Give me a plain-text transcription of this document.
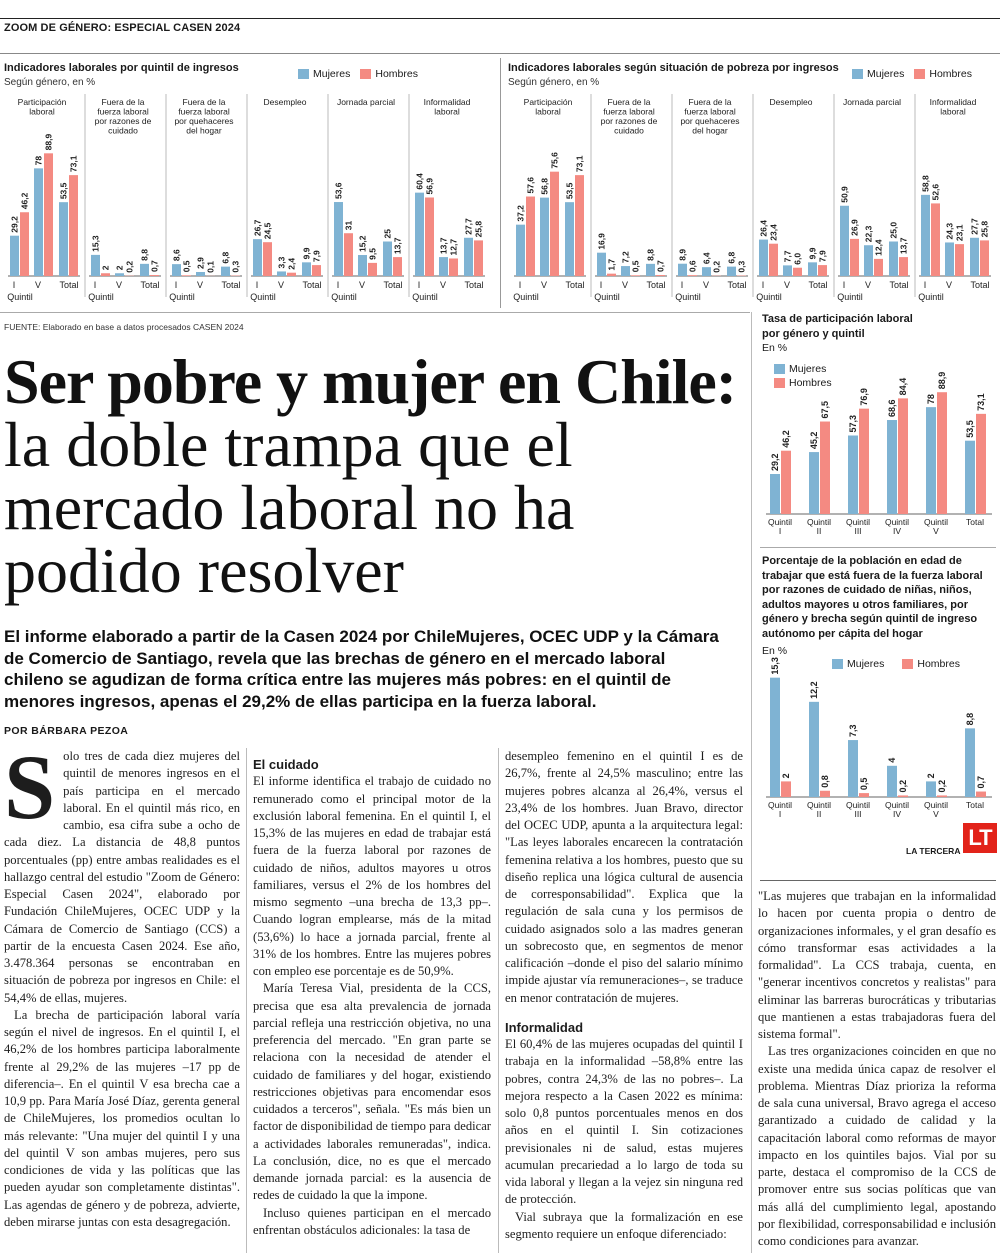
ZOOM DE GÉNERO: ESPECIAL CASEN 2024
Indicadores laborales por quintil de ingresos
Según género, en %
Mujeres Hombres	Indicadores laborales según situación de pobreza por ingresos
Según género, en %
Mujeres Hombres
Participación
laboral
29,2
46,2
I
78
88,9
V
53,5
73,1
Total
Quintil
Fuera de la
fuerza laboral
por razones de
cuidado
15,3
2
I
2 0,2
V
8,8
0,7
Total
Quintil
Fuera de la
fuerza laboral
por quehaceres
del hogar
8,6
0,5
I
2,9 0,1
V
6,8
0,3
Total
Quintil
Desempleo
26,7 24,5
I
3,3 2,4
V
9,9 7,9
Total
Quintil
Jornada parcial
53,6
31
I
15,2
9,5
V
25
13,7
Total
Quintil
Informalidad
laboral
60,4 56,9
I
13,7 12,7
V
27,7 25,8
Total
Quintil
Participación
laboral
37,2
57,6
I
56,8
75,6
V
53,5
73,1
Total
Quintil
Fuera de la
fuerza laboral
por razones de
cuidado
16,9
1,7
I
7,2
0,5
V
8,8
0,7
Total
Quintil
Fuera de la
fuerza laboral
por quehaceres
del hogar
8,9
0,6
I
6,4
0,2
V
6,8
0,3
Total
Quintil
Desempleo
26,4 23,4
I
7,7 6,0
V
9,9 7,9
Total
Quintil
Jornada parcial
50,9
26,9
I
22,3
12,4
V
25,0
13,7
Total
Quintil
Informalidad
laboral
58,8
52,6
I
24,3 23,1
V
27,7 25,8
Total
Quintil
FUENTE: Elaborado en base a datos procesados CASEN 2024
Tasa de participación laboral
por género y quintil
En %
Mujeres
Hombres
29,2
46,2
Quintil
I
45,2
67,5
Quintil
II
57,3
76,9
Quintil
III
68,6
84,4
Quintil
IV
78
88,9
Quintil
V
53,5
73,1
Total
Porcentaje de la población en edad de
trabajar que está fuera de la fuerza laboral
por razones de cuidado de niñas, niños,
adultos mayores u otros familiares, por
género y brecha según quintil de ingreso
autónomo per cápita del hogar
En %
Mujeres	Hombres
15,3
2
Quintil
I
12,2
0,8
Quintil
II
7,3
0,5
Quintil
III
4
0,2
Quintil
IV
2
0,2
Quintil
V
8,8
0,7
Total
LA TERCERA
LT
Ser pobre y mujer en Chile: la doble trampa que el mercado laboral no ha podido resolver
El informe elaborado a partir de la Casen 2024 por ChileMujeres, OCEC UDP y la Cámara de Comercio de Santiago, revela que las brechas de género en el mercado laboral chileno se agudizan de forma crítica entre las mujeres más pobres: en el quintil de menores ingresos, apenas el 29,2% de ellas participa en la fuerza laboral.
POR BÁRBARA PEZOA

Solo tres de cada diez mujeres del quintil de menores ingresos en el país participa en el mercado laboral. En el quintil más rico, en cambio, esa cifra sube a ocho de cada diez. La distancia de 48,8 puntos porcentuales (pp) entre ambas realidades es el hallazgo central del estudio "Zoom de Género: Especial Casen 2024", elaborado por Fundación ChileMujeres, OCEC UDP y la Cámara de Comercio de Santiago (CCS) a partir de la encuesta Casen 2024. Ese año, 3.478.364 personas se encontraban en situación de pobreza por ingresos en Chile: el 54,4% de ellas, mujeres.

La brecha de participación laboral varía según el nivel de ingresos. En el quintil I, el 46,2% de los hombres participa laboralmente frente al 29,2% de las mujeres –17 pp de diferencia–. En el quintil V esa brecha cae a 10,9 pp. Para María José Díaz, gerenta general de ChileMujeres, los promedios ocultan lo más relevante: "Una mujer del quintil I y una del quintil V son ambas mujeres, pero sus condiciones de vida y las políticas que las pueden ayudar son completamente distintas". Las agendas de género y de pobreza, advierte, deben mirarse juntas con esta desagregación.

El cuidado

El informe identifica el trabajo de cuidado no remunerado como el principal motor de la exclusión laboral femenina. En el quintil I, el 15,3% de las mujeres en edad de trabajar está fuera de la fuerza laboral por razones de cuidado de niños, adultos mayores u otros familiares, versus el 2% de los hombres del mismo segmento –una brecha de 13,3 pp–. Cuando logran emplearse, más de la mitad (53,6%) lo hace a jornada parcial, frente al 31% de los hombres. Entre las mujeres pobres con empleo ese porcentaje es de 50,9%.

María Teresa Vial, presidenta de la CCS, precisa que esa alta prevalencia de jornada parcial refleja una restricción objetiva, no una preferencia del mercado. "En gran parte se relaciona con la necesidad de atender el cuidado de familiares y del hogar, existiendo restricciones objetivas para encomendar esos cuidados a terceros", señala. "Es más bien un factor de disponibilidad de tiempo para dedicar a actividades laborales remuneradas", indica. La conclusión, dice, no es que el mercado demande jornada parcial: es la ausencia de redes de cuidado la que la impone.

Incluso quienes participan en el mercado enfrentan obstáculos adicionales: la tasa de

desempleo femenino en el quintil I es de 26,7%, frente al 24,5% masculino; entre las mujeres pobres alcanza al 26,4%, versus el 23,4% de los hombres. Juan Bravo, director del OCEC UDP, apunta a la arquitectura legal: "Las leyes laborales encarecen la contratación femenina relativa a los hombres, puesto que su diseño replica una lógica cultural de ausencia de corresponsabilidad". Explica que la regulación de sala cuna y los permisos de cuidado asignados solo a las madres generan un sobrecosto que, en segmentos de menor calificación –donde el piso del salario mínimo impide ajustar vía remuneraciones–, se traduce en menor contratación de mujeres.

Informalidad

El 60,4% de las mujeres ocupadas del quintil I trabaja en la informalidad –58,8% entre las pobres, contra 24,3% de las no pobres–. La mejora respecto a la Casen 2022 es mínima: solo 0,8 puntos porcentuales menos en dos años en el quintil I. Sin cotizaciones previsionales ni de salud, estas mujeres acumulan precariedad a lo largo de toda su vida laboral y llegan a la vejez sin ninguna red de protección.

Vial subraya que la formalización en ese segmento requiere un enfoque diferenciado:

"Las mujeres que trabajan en la informalidad lo hacen por cuenta propia o dentro de organizaciones informales, y el gran desafío es cómo transformar esas actividades a la formalidad". La CCS trabaja, cuenta, en "generar incentivos concretos y realistas" para eliminar las barreras burocráticas y tributarias que mantienen a estas trabajadoras fuera del sistema formal".

Las tres organizaciones coinciden en que no existe una medida única capaz de resolver el problema. Mientras Díaz prioriza la reforma de sala cuna universal, Bravo agrega el acceso garantizado a cuidado de calidad y la capacitación laboral como reformas de mayor impacto en los quintiles bajos. Vial por su parte, destaca el compromiso de la CCS de promover entre sus socias políticas que van más allá del cumplimiento legal, apostando por flexibilidad, corresponsabilidad e inclusión como condiciones para avanzar.
